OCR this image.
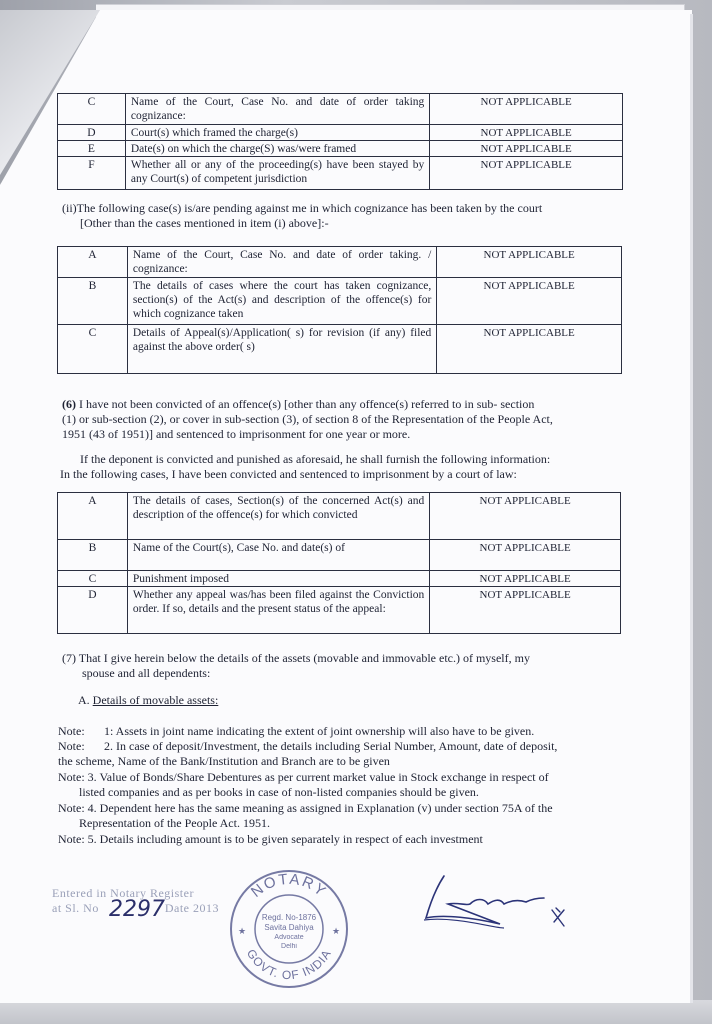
C	Name of the Court, Case No. and date of order taking cognizance:	NOT APPLICABLE
D	Court(s) which framed the charge(s)	NOT APPLICABLE
E	Date(s) on which the charge(S) was/were framed	NOT APPLICABLE
F	Whether all or any of the proceeding(s) have been stayed by any Court(s) of competent jurisdiction	NOT APPLICABLE

(ii)The following case(s) is/are pending against me in which cognizance has been taken by the court

[Other than the cases mentioned in item (i) above]:-

A	Name of the Court, Case No. and date of order taking. / cognizance:	NOT APPLICABLE
B	The details of cases where the court has taken cognizance, section(s) of the Act(s) and description of the offence(s) for which cognizance taken	NOT APPLICABLE
C	Details of Appeal(s)/Application( s) for revision (if any) filed against the above order( s)	NOT APPLICABLE

(6) I have not been convicted of an offence(s) [other than any offence(s) referred to in sub- section

(1) or sub-section (2), or cover in sub-section (3), of section 8 of the Representation of the People Act,

1951 (43 of 1951)] and sentenced to imprisonment for one year or more.

If the deponent is convicted and punished as aforesaid, he shall furnish the following information:

In the following cases, I have been convicted and sentenced to imprisonment by a court of law:

A	The details of cases, Section(s) of the concerned Act(s) and description of the offence(s) for which convicted	NOT APPLICABLE
B	Name of the Court(s), Case No. and date(s) of	NOT APPLICABLE
C	Punishment imposed	NOT APPLICABLE
D	Whether any appeal was/has been filed against the Conviction order. If so, details and the present status of the appeal:	NOT APPLICABLE

(7) That I give herein below the details of the assets (movable and immovable etc.) of myself, my

spouse and all dependents:

A. Details of movable assets:

Note: 1: Assets in joint name indicating the extent of joint ownership will also have to be given.
Note: 2. In case of deposit/Investment, the details including Serial Number, Amount, date of deposit,
the scheme, Name of the Bank/Institution and Branch are to be given
Note: 3. Value of Bonds/Share Debentures as per current market value in Stock exchange in respect of
listed companies and as per books in case of non-listed companies should be given.
Note: 4. Dependent here has the same meaning as assigned in Explanation (v) under section 75A of the
Representation of the People Act. 1951.
Note: 5. Details including amount is to be given separately in respect of each investment
Entered in Notary Register
at Sl. No	Date 2013
2297
NOTARY
GOVT. OF INDIA
Regd. No-1876
Savita Dahiya
Advocate
Delhi
★	★
